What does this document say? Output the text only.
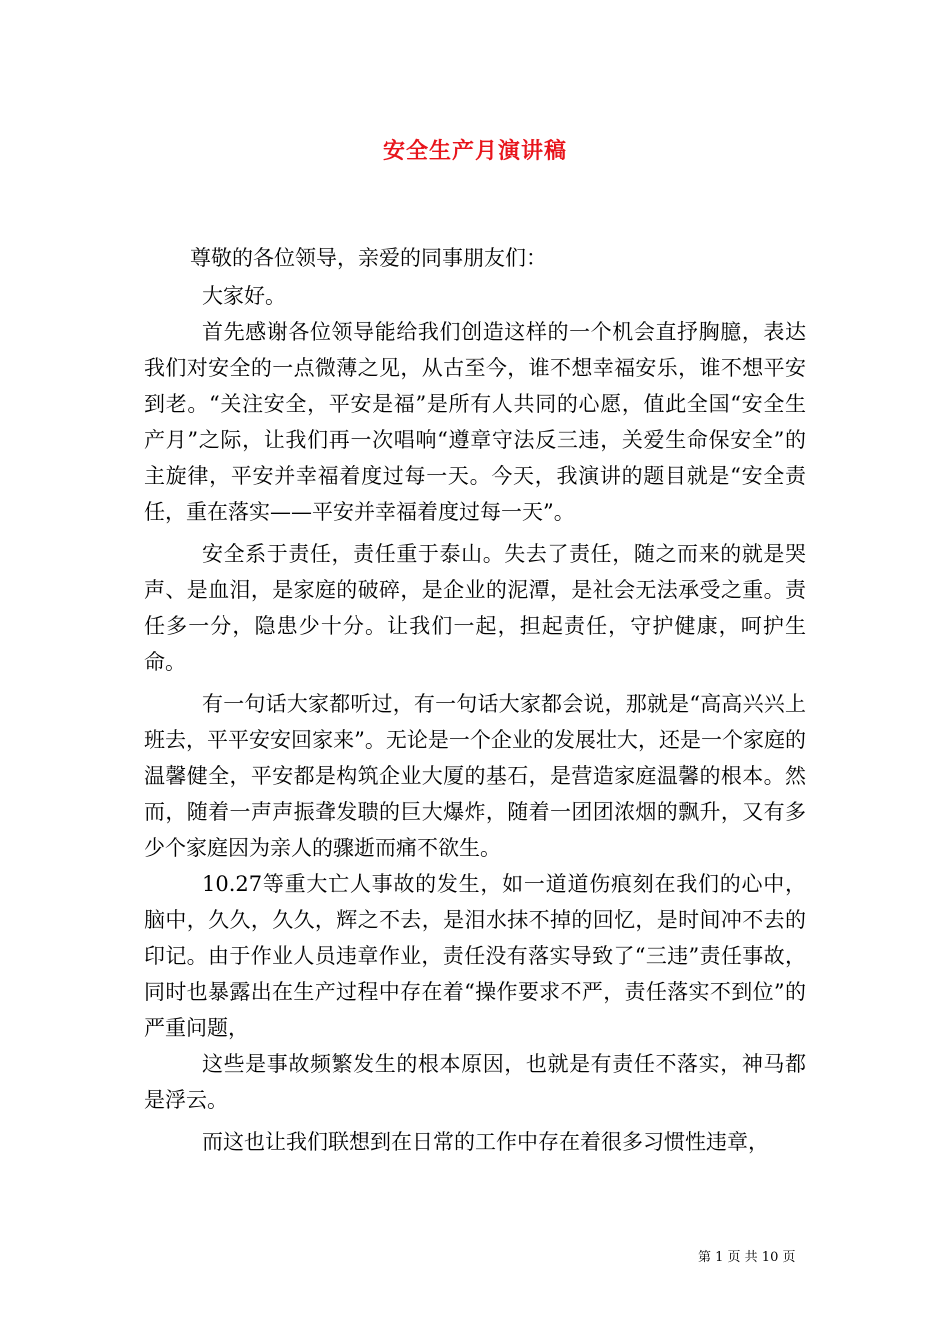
安全生产月演讲稿

尊敬的各位领导，亲爱的同事朋友们：

大家好。

首先感谢各位领导能给我们创造这样的一个机会直抒胸臆，表达我们对安全的一点微薄之见，从古至今，谁不想幸福安乐，谁不想平安到老。“关注安全，平安是福”是所有人共同的心愿，值此全国“安全生产月”之际，让我们再一次唱响“遵章守法反三违，关爱生命保安全”的主旋律，平安并幸福着度过每一天。今天，我演讲的题目就是“安全责任，重在落实——平安并幸福着度过每一天”。

安全系于责任，责任重于泰山。失去了责任，随之而来的就是哭声、是血泪，是家庭的破碎，是企业的泥潭，是社会无法承受之重。责任多一分，隐患少十分。让我们一起，担起责任，守护健康，呵护生命。

有一句话大家都听过，有一句话大家都会说，那就是“高高兴兴上班去，平平安安回家来”。无论是一个企业的发展壮大，还是一个家庭的温馨健全，平安都是构筑企业大厦的基石，是营造家庭温馨的根本。然而，随着一声声振聋发聩的巨大爆炸，随着一团团浓烟的飘升，又有多少个家庭因为亲人的骤逝而痛不欲生。

10.27等重大亡人事故的发生，如一道道伤痕刻在我们的心中，脑中，久久，久久，辉之不去，是泪水抹不掉的回忆，是时间冲不去的印记。由于作业人员违章作业，责任没有落实导致了“三违”责任事故，同时也暴露出在生产过程中存在着“操作要求不严，责任落实不到位”的严重问题，

这些是事故频繁发生的根本原因，也就是有责任不落实，神马都是浮云。

而这也让我们联想到在日常的工作中存在着很多习惯性违章，

第 1 页 共 10 页
